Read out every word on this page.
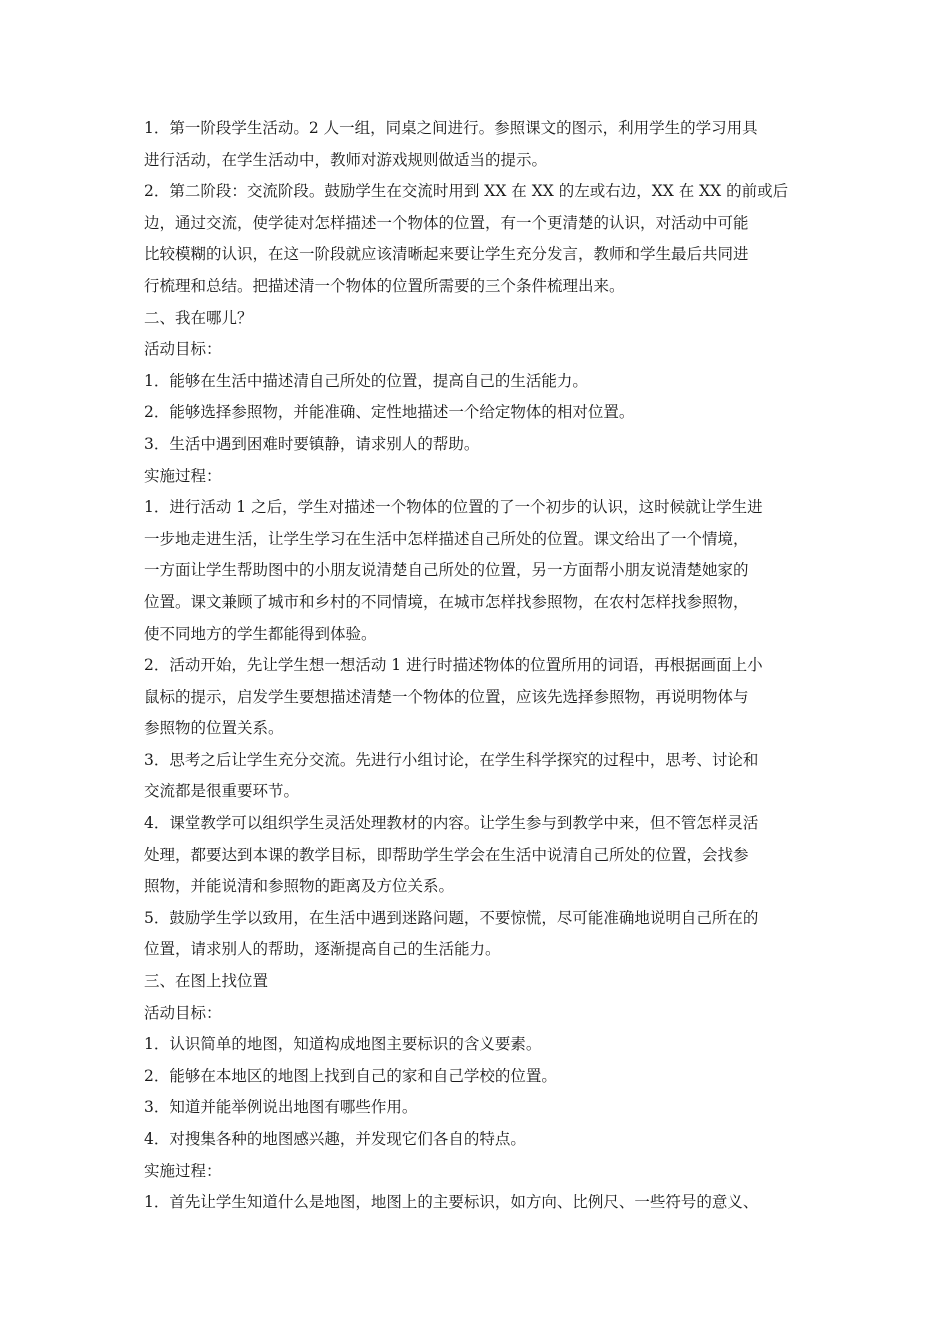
1．第一阶段学生活动。2 人一组，同桌之间进行。参照课文的图示，利用学生的学习用具

进行活动，在学生活动中，教师对游戏规则做适当的提示。

2．第二阶段：交流阶段。鼓励学生在交流时用到 XX 在 XX 的左或右边，XX 在 XX 的前或后

边，通过交流，使学徒对怎样描述一个物体的位置，有一个更清楚的认识，对活动中可能

比较模糊的认识，在这一阶段就应该清晰起来要让学生充分发言，教师和学生最后共同进

行梳理和总结。把描述清一个物体的位置所需要的三个条件梳理出来。

二、我在哪儿？

活动目标：

1．能够在生活中描述清自己所处的位置，提高自己的生活能力。

2．能够选择参照物，并能准确、定性地描述一个给定物体的相对位置。

3．生活中遇到困难时要镇静，请求别人的帮助。

实施过程：

1．进行活动 1 之后，学生对描述一个物体的位置的了一个初步的认识，这时候就让学生进

一步地走进生活，让学生学习在生活中怎样描述自己所处的位置。课文给出了一个情境，

一方面让学生帮助图中的小朋友说清楚自己所处的位置，另一方面帮小朋友说清楚她家的

位置。课文兼顾了城市和乡村的不同情境，在城市怎样找参照物，在农村怎样找参照物，

使不同地方的学生都能得到体验。

2．活动开始，先让学生想一想活动 1 进行时描述物体的位置所用的词语，再根据画面上小

鼠标的提示，启发学生要想描述清楚一个物体的位置，应该先选择参照物，再说明物体与

参照物的位置关系。

3．思考之后让学生充分交流。先进行小组讨论，在学生科学探究的过程中，思考、讨论和

交流都是很重要环节。

4．课堂教学可以组织学生灵活处理教材的内容。让学生参与到教学中来，但不管怎样灵活

处理，都要达到本课的教学目标，即帮助学生学会在生活中说清自己所处的位置，会找参

照物，并能说清和参照物的距离及方位关系。

5．鼓励学生学以致用，在生活中遇到迷路问题，不要惊慌，尽可能准确地说明自己所在的

位置，请求别人的帮助，逐渐提高自己的生活能力。

三、在图上找位置

活动目标：

1．认识简单的地图，知道构成地图主要标识的含义要素。

2．能够在本地区的地图上找到自己的家和自己学校的位置。

3．知道并能举例说出地图有哪些作用。

4．对搜集各种的地图感兴趣，并发现它们各自的特点。

实施过程：

1．首先让学生知道什么是地图，地图上的主要标识，如方向、比例尺、一些符号的意义、
